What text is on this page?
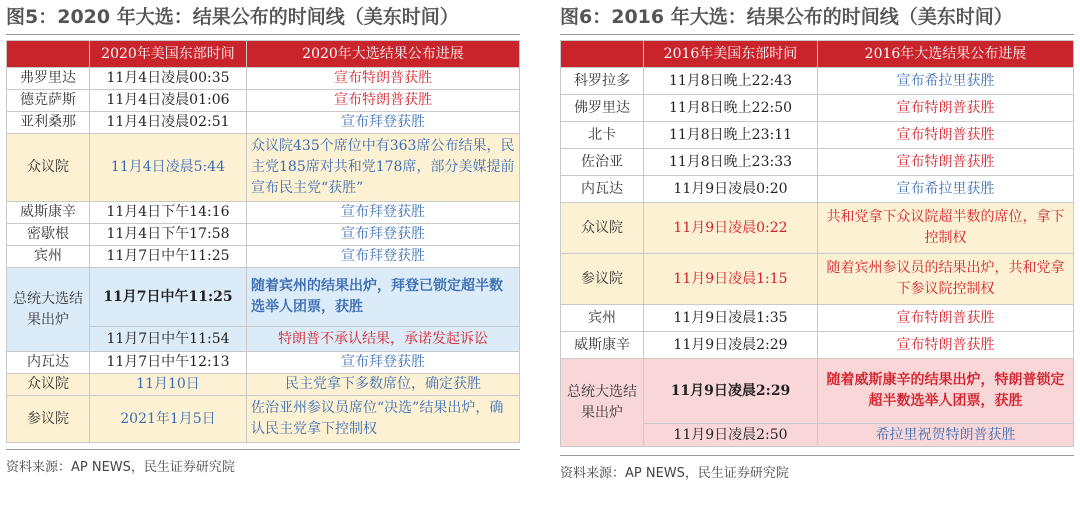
图5：2020 年大选：结果公布的时间线（美东时间）
	2020年美国东部时间	2020年大选结果公布进展
弗罗里达	11月4日凌晨00:35	宣布特朗普获胜
德克萨斯	11月4日凌晨01:06	宣布特朗普获胜
亚利桑那	11月4日凌晨02:51	宣布拜登获胜
众议院	11月4日凌晨5:44	众议院435个席位中有363席公布结果，民主党185席对共和党178席，部分美媒提前宣布民主党“获胜”
威斯康辛	11月4日下午14:16	宣布拜登获胜
密歇根	11月4日下午17:58	宣布拜登获胜
宾州	11月7日中午11:25	宣布拜登获胜
总统大选结果出炉	11月7日中午11:25	随着宾州的结果出炉，拜登已锁定超半数选举人团票，获胜
	11月7日中午11:54	特朗普不承认结果，承诺发起诉讼
内瓦达	11月7日中午12:13	宣布拜登获胜
众议院	11月10日	民主党拿下多数席位，确定获胜
参议院	2021年1月5日	佐治亚州参议员席位“决选”结果出炉，确认民主党拿下控制权
资料来源：AP NEWS，民生证券研究院
图6：2016 年大选：结果公布的时间线（美东时间）
	2016年美国东部时间	2016年大选结果公布进展
科罗拉多	11月8日晚上22:43	宣布希拉里获胜
佛罗里达	11月8日晚上22:50	宣布特朗普获胜
北卡	11月8日晚上23:11	宣布特朗普获胜
佐治亚	11月8日晚上23:33	宣布特朗普获胜
内瓦达	11月9日凌晨0:20	宣布希拉里获胜
众议院	11月9日凌晨0:22	共和党拿下众议院超半数的席位，拿下控制权
参议院	11月9日凌晨1:15	随着宾州参议员的结果出炉，共和党拿下参议院控制权
宾州	11月9日凌晨1:35	宣布特朗普获胜
威斯康辛	11月9日凌晨2:29	宣布特朗普获胜
总统大选结果出炉	11月9日凌晨2:29	随着威斯康辛的结果出炉，特朗普锁定超半数选举人团票，获胜
	11月9日凌晨2:50	希拉里祝贺特朗普获胜
资料来源：AP NEWS，民生证券研究院
